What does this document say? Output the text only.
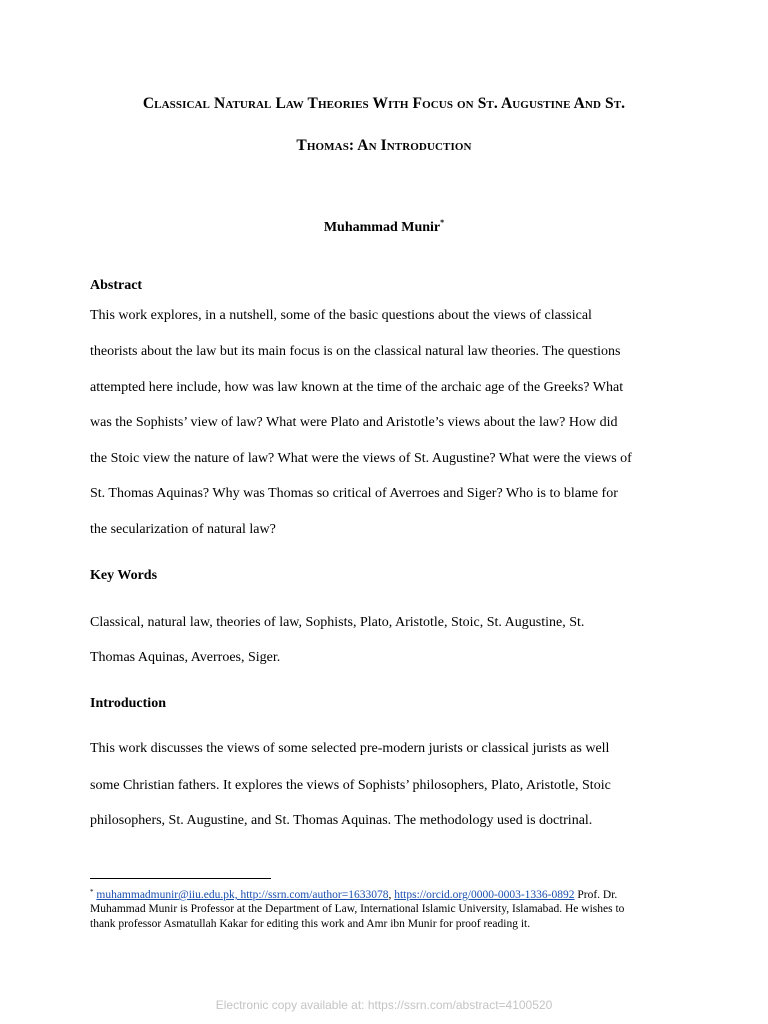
Classical Natural Law Theories With Focus on St. Augustine And St.
Thomas: An Introduction
Muhammad Munir*
Abstract
This work explores, in a nutshell, some of the basic questions about the views of classical
theorists about the law but its main focus is on the classical natural law theories. The questions
attempted here include, how was law known at the time of the archaic age of the Greeks? What
was the Sophists’ view of law? What were Plato and Aristotle’s views about the law? How did
the Stoic view the nature of law? What were the views of St. Augustine? What were the views of
St. Thomas Aquinas? Why was Thomas so critical of Averroes and Siger? Who is to blame for
the secularization of natural law?
Key Words
Classical, natural law, theories of law, Sophists, Plato, Aristotle, Stoic, St. Augustine, St.
Thomas Aquinas, Averroes, Siger.
Introduction
This work discusses the views of some selected pre-modern jurists or classical jurists as well
some Christian fathers. It explores the views of Sophists’ philosophers, Plato, Aristotle, Stoic
philosophers, St. Augustine, and St. Thomas Aquinas. The methodology used is doctrinal.
* muhammadmunir@iiu.edu.pk, http://ssrn.com/author=1633078, https://orcid.org/0000-0003-1336-0892 Prof. Dr.
Muhammad Munir is Professor at the Department of Law, International Islamic University, Islamabad. He wishes to
thank professor Asmatullah Kakar for editing this work and Amr ibn Munir for proof reading it.
Electronic copy available at: https://ssrn.com/abstract=4100520
